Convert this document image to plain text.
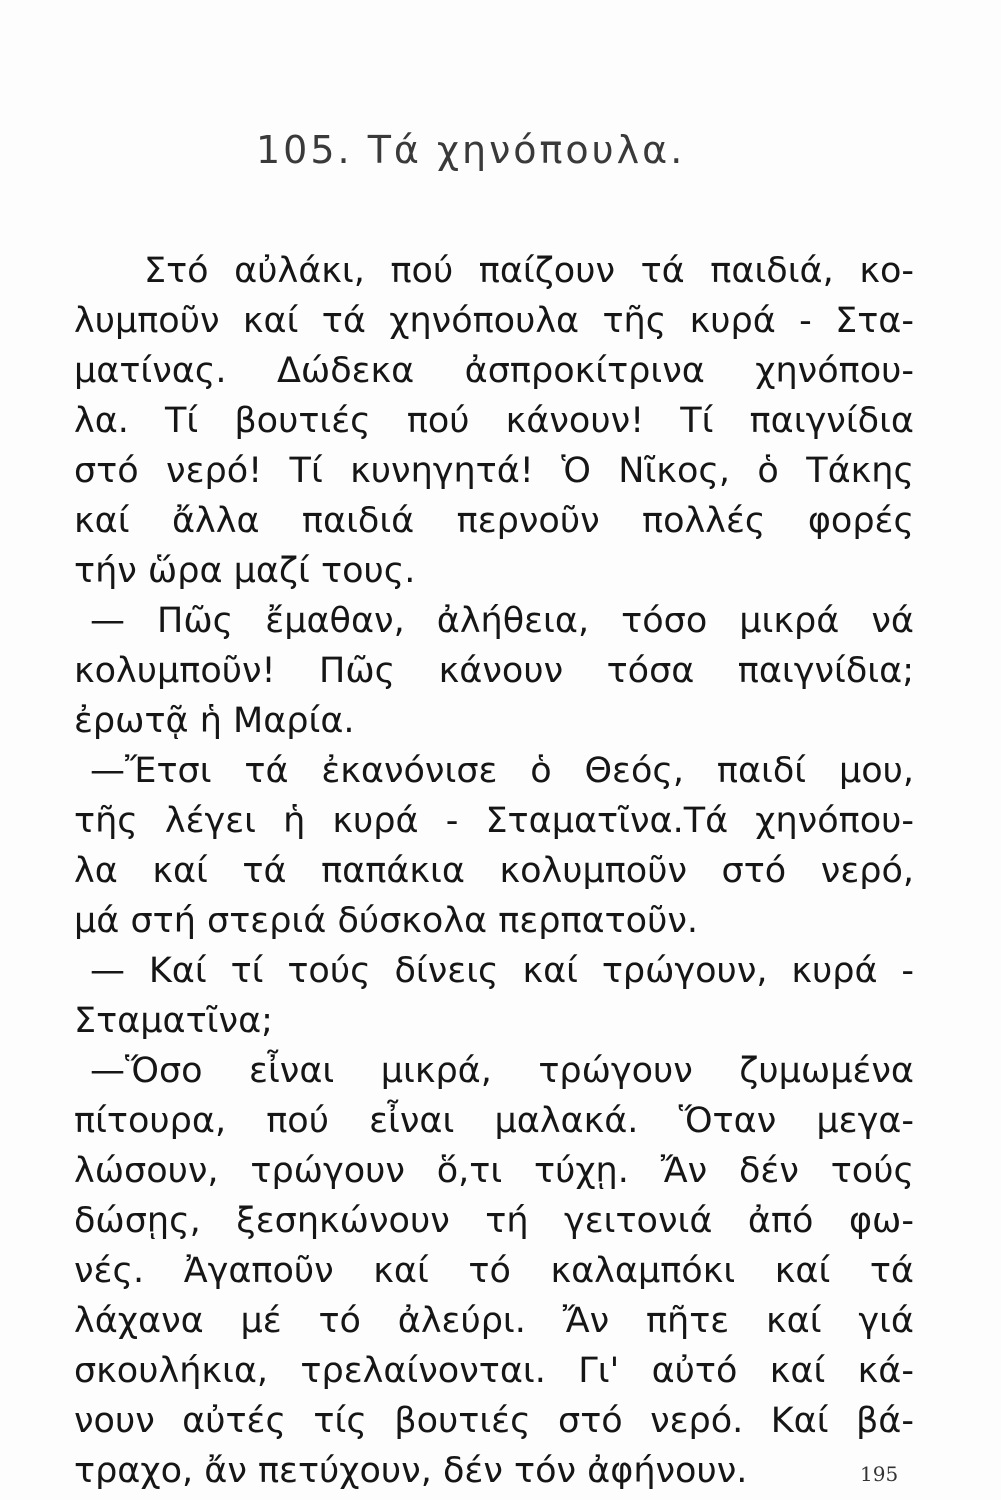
105. Τά χηνόπουλα.
Στό αὐλάκι, πού παίζουν τά παιδιά, κο-
λυμποῦν καί τά χηνόπουλα τῆς κυρά - Στα-
ματίνας. Δώδεκα ἀσπροκίτρινα χηνόπου-
λα. Τί βουτιές πού κάνουν! Τί παιγνίδια
στό νερό! Τί κυνηγητά! Ὁ Νῖκος, ὁ Τάκης
καί ἄλλα παιδιά περνοῦν πολλές φορές
τήν ὥρα μαζί τους.
— Πῶς ἔμαθαν, ἀλήθεια, τόσο μικρά νά
κολυμποῦν! Πῶς κάνουν τόσα παιγνίδια;
ἐρωτᾷ ἡ Μαρία.
—Ἔτσι τά ἐκανόνισε ὁ Θεός, παιδί μου,
τῆς λέγει ἡ κυρά - Σταματῖνα.Τά χηνόπου-
λα καί τά παπάκια κολυμποῦν στό νερό,
μά στή στεριά δύσκολα περπατοῦν.
— Καί τί τούς δίνεις καί τρώγουν, κυρά -
Σταματῖνα;
—Ὅσο εἶναι μικρά, τρώγουν ζυμωμένα
πίτουρα, πού εἶναι μαλακά. Ὅταν μεγα-
λώσουν, τρώγουν ὅ,τι τύχῃ. Ἄν δέν τούς
δώσῃς, ξεσηκώνουν τή γειτονιά ἀπό φω-
νές. Ἀγαποῦν καί τό καλαμπόκι καί τά
λάχανα μέ τό ἀλεύρι. Ἄν πῆτε καί γιά
σκουλήκια, τρελαίνονται. Γι' αὐτό καί κά-
νουν αὐτές τίς βουτιές στό νερό. Καί βά-
τραχο, ἄν πετύχουν, δέν τόν ἀφήνουν.	195
